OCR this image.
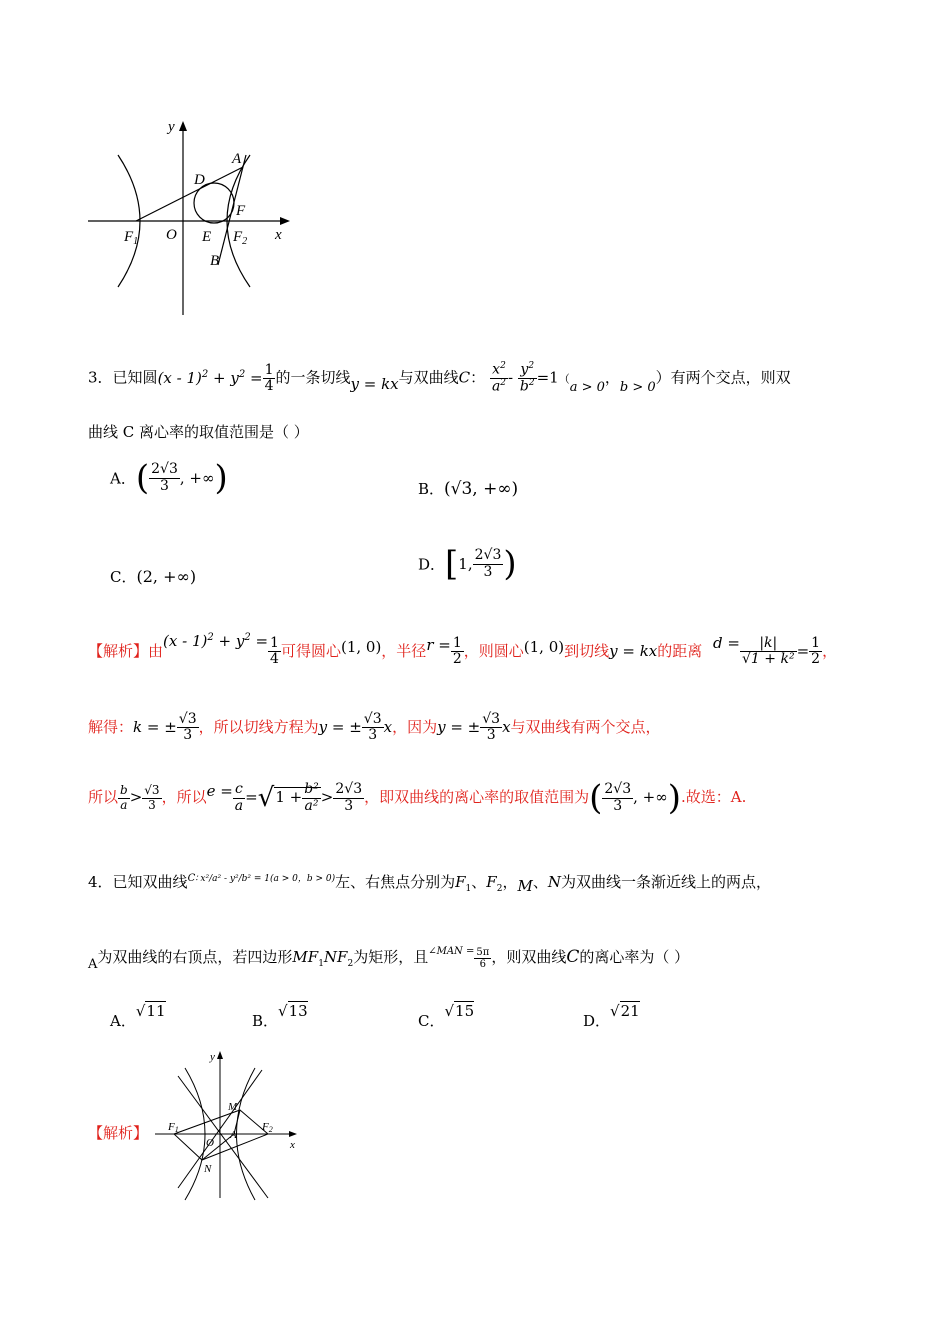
y
x
A
D
F
$F_1$ O E $F_2$
B
3．已知圆$(x - 1)^2 + y^2 = \frac{1}{4}$ 的一条切线y = kx与双曲线C： $\frac{x^2}{a^2} - \frac{y^2}{b^2} =1(a > 0$，b > 0）有两个交点，则双
曲线 C 离心率的取值范围是（ ）
A．( $\frac{2√3}{3}$ , +∞)	B．(√3, +∞)
C．(2, +∞)
D．[1, $\frac{2√3}{3}$ )
【解析】由$(x - 1)^2 + y^2 = \frac{1}{4}$ 可得圆心(1, 0)，半径$r = \frac{1}{2}$ ，则圆心(1, 0)到切线y = kx的距离 $d = \frac{|k|}{\text{√1 + k²}} = \frac{1}{2}$ ，
解得：k = ± $\frac{√3}{3}$ ，所以切线方程为y = ± $\frac{√3}{3}$ x，因为y = ± $\frac{√3}{3}$ x与双曲线有两个交点，
所以 $\frac{b}{a} > \frac{√3}{3}$ ，所以$e = \frac{c}{a} =√1 + \frac{\text{b²}}{\text{a²}} > \frac{2√3}{3}$ ，即双曲线的离心率的取值范围为( $\frac{2√3}{3}$ , +∞).故选：A.
4．已知双曲线$^{C∶ x^2/a^2 - y^2/b^2 = 1(a > 0,b > 0)}$左、右焦点分别为$F_1$、$F_2$，M、N为双曲线一条渐近线上的两点，
A为双曲线的右顶点，若四边形$MF_1NF_2$为矩形，且$^{\angle MAN =} \frac{5\pi}{6}$ ，则双曲线C的离心率为（ ）
A．√11
B．√13
C．√15
D．√21
【解析】
y
x
M
F1	F2
O
A
N
